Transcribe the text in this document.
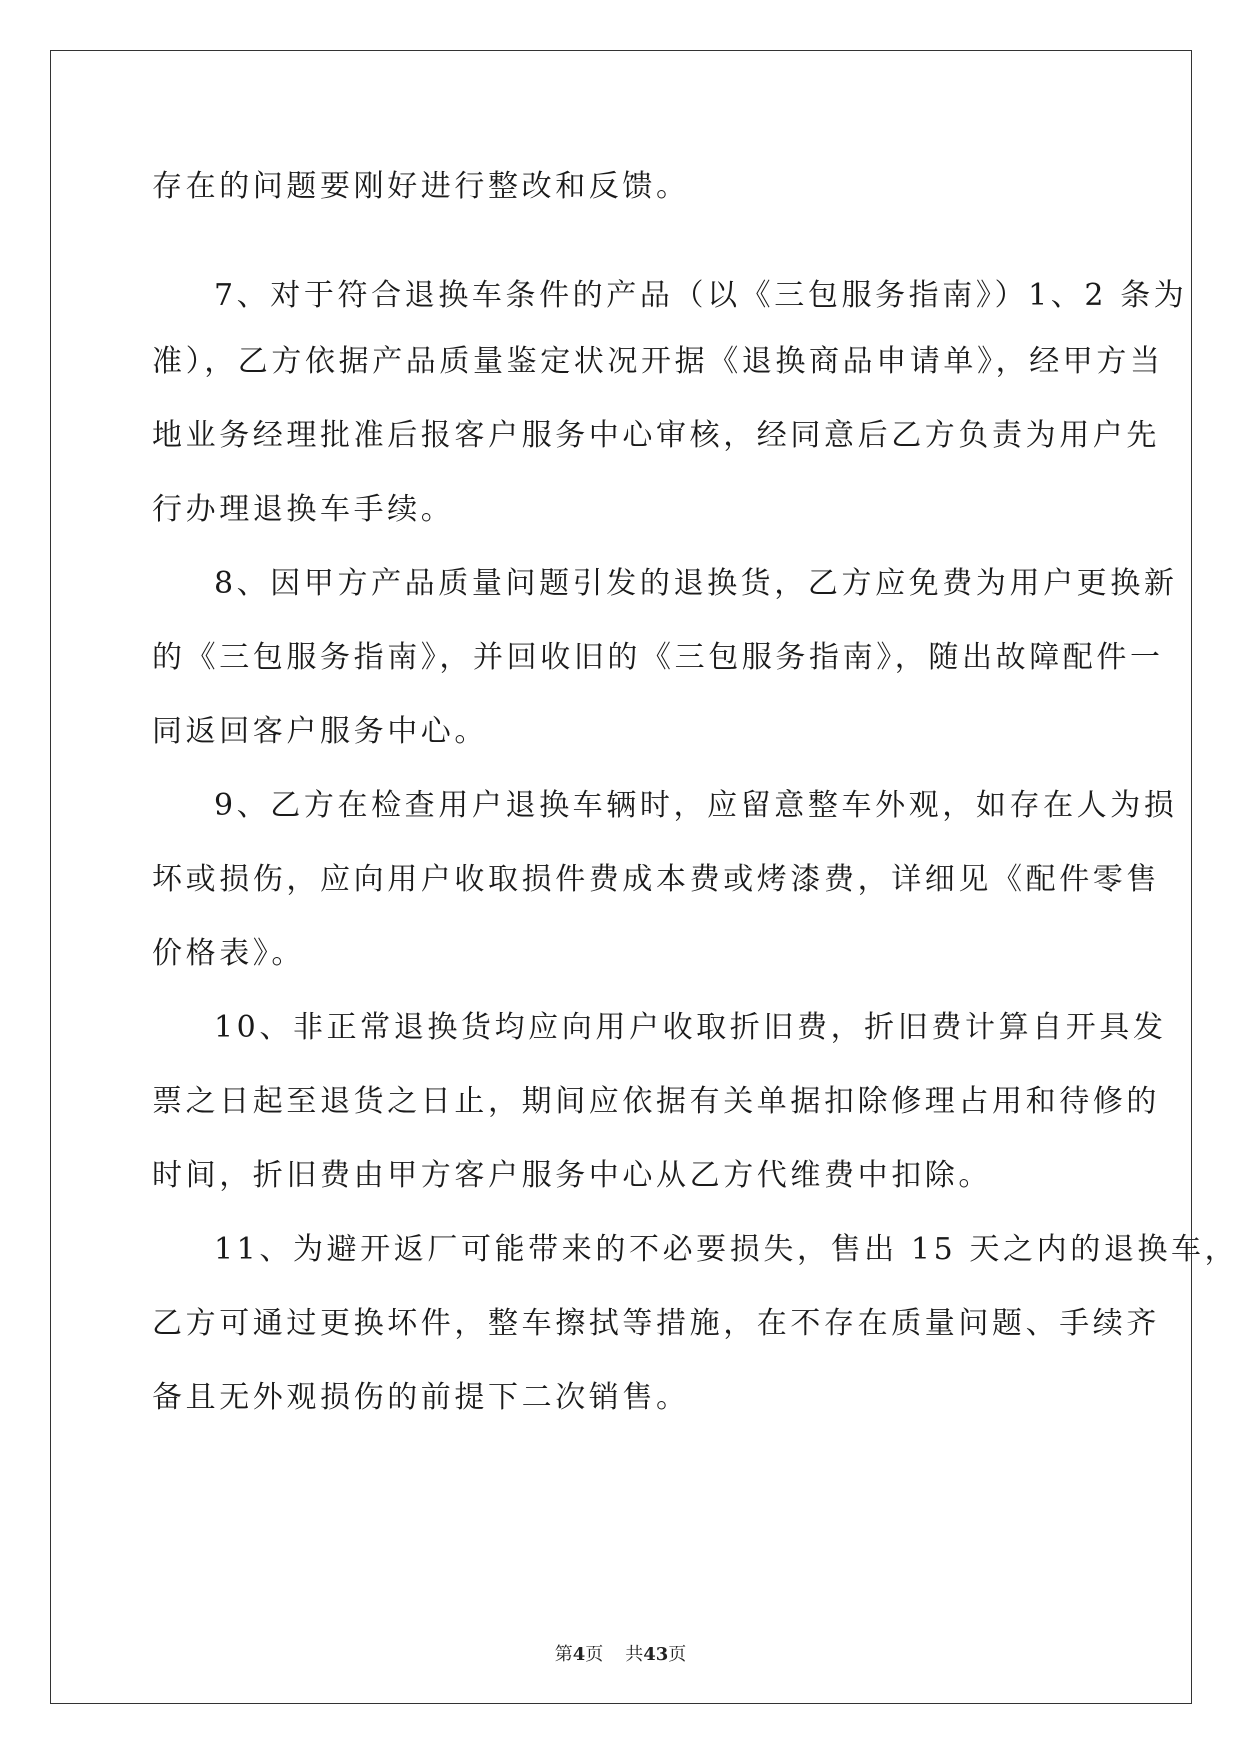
存在的问题要刚好进行整改和反馈。
7、对于符合退换车条件的产品（以《三包服务指南》）1、2 条为
准），乙方依据产品质量鉴定状况开据《退换商品申请单》，经甲方当
地业务经理批准后报客户服务中心审核，经同意后乙方负责为用户先
行办理退换车手续。
8、因甲方产品质量问题引发的退换货，乙方应免费为用户更换新
的《三包服务指南》，并回收旧的《三包服务指南》，随出故障配件一
同返回客户服务中心。
9、乙方在检查用户退换车辆时，应留意整车外观，如存在人为损
坏或损伤，应向用户收取损件费成本费或烤漆费，详细见《配件零售
价格表》。
10、非正常退换货均应向用户收取折旧费，折旧费计算自开具发
票之日起至退货之日止，期间应依据有关单据扣除修理占用和待修的
时间，折旧费由甲方客户服务中心从乙方代维费中扣除。
11、为避开返厂可能带来的不必要损失，售出 15 天之内的退换车，
乙方可通过更换坏件，整车擦拭等措施，在不存在质量问题、手续齐
备且无外观损伤的前提下二次销售。
第4页 共43页
